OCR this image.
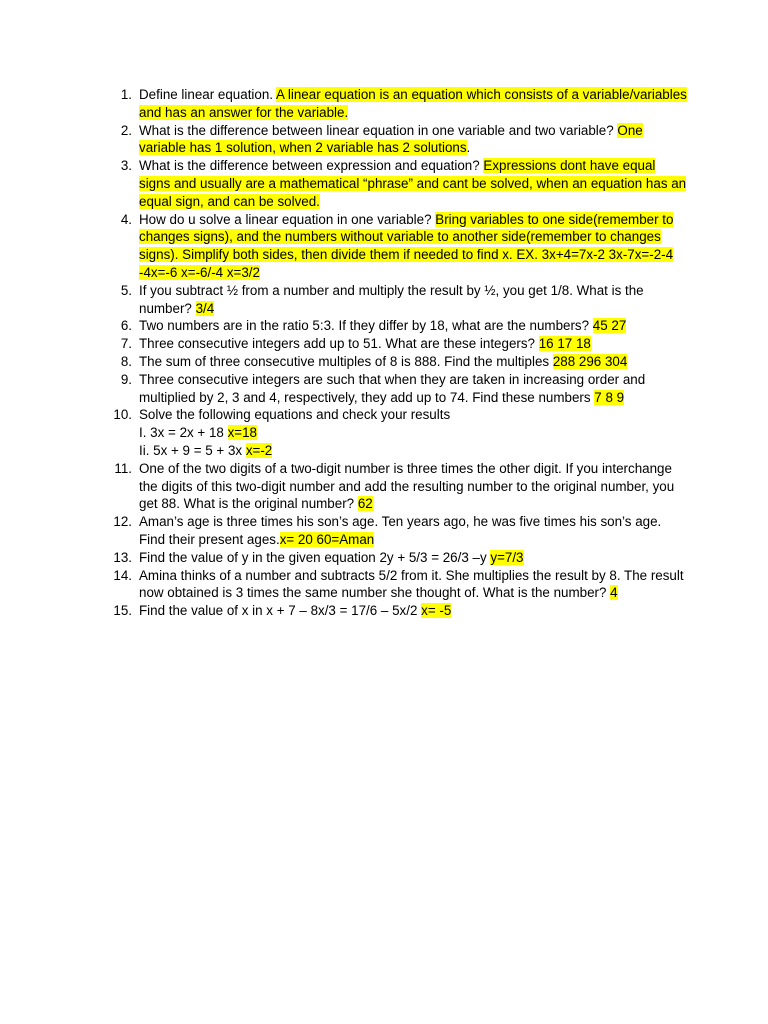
1. Define linear equation. A linear equation is an equation which consists of a variable/variables and has an answer for the variable.
2. What is the difference between linear equation in one variable and two variable? One variable has 1 solution, when 2 variable has 2 solutions.
3. What is the difference between expression and equation? Expressions dont have equal signs and usually are a mathematical “phrase” and cant be solved, when an equation has an equal sign, and can be solved.
4. How do u solve a linear equation in one variable? Bring variables to one side(remember to changes signs), and the numbers without variable to another side(remember to changes signs). Simplify both sides, then divide them if needed to find x. EX. 3x+4=7x-2 3x-7x=-2-4 -4x=-6 x=-6/-4 x=3/2
5. If you subtract ½ from a number and multiply the result by ½, you get 1/8. What is the number? 3/4
6. Two numbers are in the ratio 5:3. If they differ by 18, what are the numbers? 45 27
7. Three consecutive integers add up to 51. What are these integers? 16 17 18
8. The sum of three consecutive multiples of 8 is 888. Find the multiples 288 296 304
9. Three consecutive integers are such that when they are taken in increasing order and multiplied by 2, 3 and 4, respectively, they add up to 74. Find these numbers 7 8 9
10. Solve the following equations and check your results
I. 3x = 2x + 18 x=18
Ii. 5x + 9 = 5 + 3x x=-2
11. One of the two digits of a two-digit number is three times the other digit. If you interchange the digits of this two-digit number and add the resulting number to the original number, you get 88. What is the original number? 62
12. Aman’s age is three times his son’s age. Ten years ago, he was five times his son’s age. Find their present ages.x= 20 60=Aman
13. Find the value of y in the given equation 2y + 5/3 = 26/3 –y y=7/3
14. Amina thinks of a number and subtracts 5/2 from it. She multiplies the result by 8. The result now obtained is 3 times the same number she thought of. What is the number? 4
15. Find the value of x in x + 7 – 8x/3 = 17/6 – 5x/2 x= -5
